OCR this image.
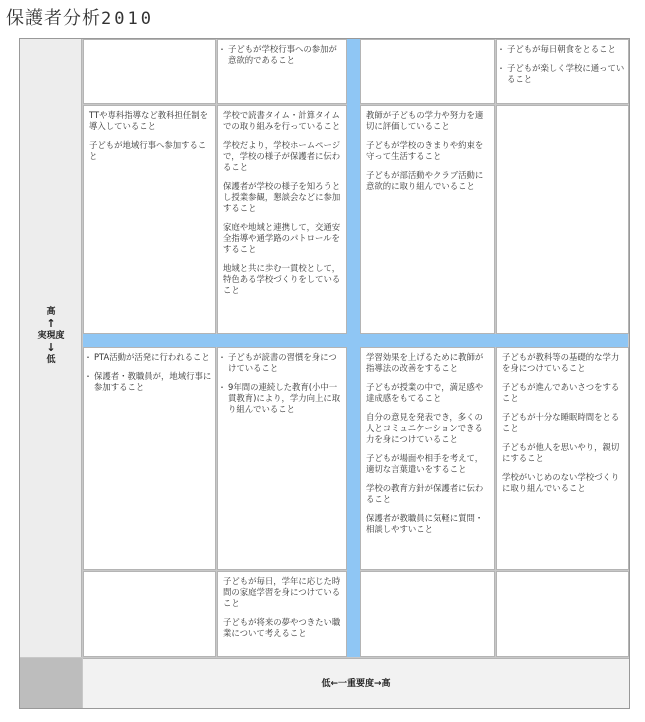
保護者分析2010
・ 子どもが学校行事への参加が意欲的であること
・ 子どもが毎日朝食をとること
・ 子どもが楽しく学校に通っていること
TTや専科指導など教科担任制を導入していること
子どもが地域行事へ参加すること
学校で読書タイム・計算タイムでの取り組みを行っていること
学校だより，学校ホームページで，学校の様子が保護者に伝わること
保護者が学校の様子を知ろうとし授業参観，懇談会などに参加すること
家庭や地域と連携して，交通安全指導や通学路のパトロールをすること
地域と共に歩む一貫校として，特色ある学校づくりをしていること
教師が子どもの学力や努力を適切に評価していること
子どもが学校のきまりや約束を守って生活すること
子どもが部活動やクラブ活動に意欲的に取り組んでいること
・ PTA活動が活発に行われること
・ 保護者・教職員が，地域行事に参加すること
・ 子どもが読書の習慣を身につけていること
・ 9年間の連続した教育(小中一貫教育)により，学力向上に取り組んでいること
学習効果を上げるために教師が指導法の改善をすること
子どもが授業の中で，満足感や達成感をもてること
自分の意見を発表でき，多くの人とコミュニケーションできる力を身につけていること
子どもが場面や相手を考えて，適切な言葉遣いをすること
学校の教育方針が保護者に伝わること
保護者が教職員に気軽に質問・相談しやすいこと
子どもが教科等の基礎的な学力を身につけていること
子どもが進んであいさつをすること
子どもが十分な睡眠時間をとること
子どもが他人を思いやり，親切にすること
学校がいじめのない学校づくりに取り組んでいること
子どもが毎日，学年に応じた時間の家庭学習を身につけていること
子どもが将来の夢やつきたい職業について考えること
高
↑
実現度
↓
低
低←一重要度→高
